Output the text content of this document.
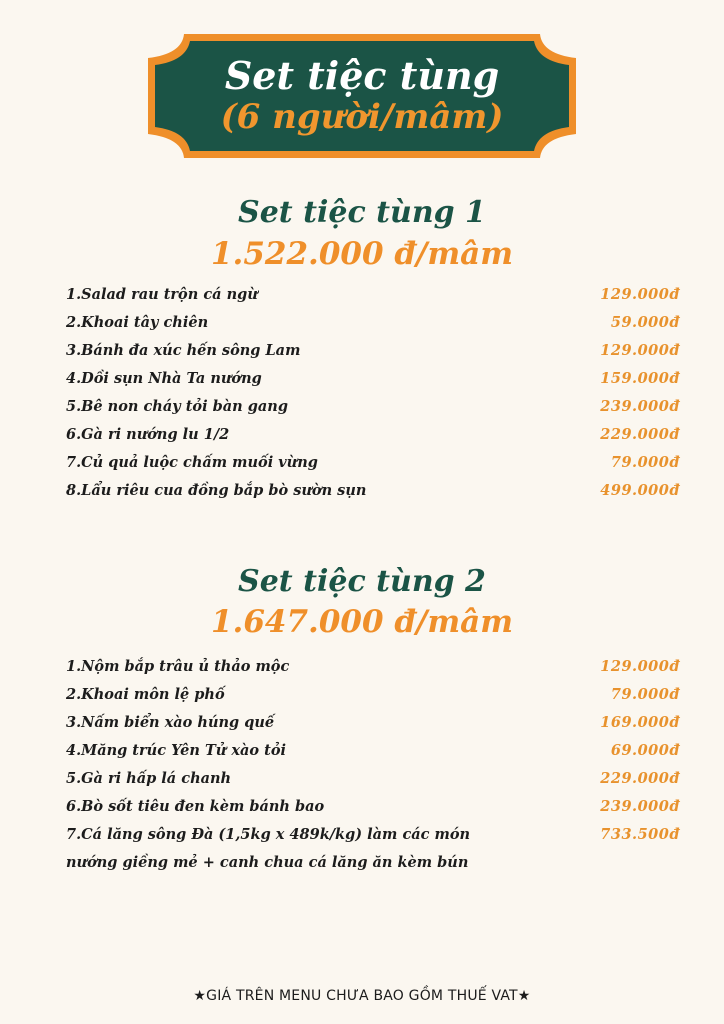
Set tiệc tùng
(6 người/mâm)
Set tiệc tùng 1
1.522.000 đ/mâm
1.Salad rau trộn cá ngừ	129.000đ
2.Khoai tây chiên	59.000đ
3.Bánh đa xúc hến sông Lam	129.000đ
4.Dồi sụn Nhà Ta nướng	159.000đ
5.Bê non cháy tỏi bàn gang	239.000đ
6.Gà ri nướng lu 1/2	229.000đ
7.Củ quả luộc chấm muối vừng	79.000đ
8.Lẩu riêu cua đồng bắp bò sườn sụn	499.000đ
Set tiệc tùng 2
1.647.000 đ/mâm
1.Nộm bắp trâu ủ thảo mộc	129.000đ
2.Khoai môn lệ phố	79.000đ
3.Nấm biển xào húng quế	169.000đ
4.Măng trúc Yên Tử xào tỏi	69.000đ
5.Gà ri hấp lá chanh	229.000đ
6.Bò sốt tiêu đen kèm bánh bao	239.000đ
7.Cá lăng sông Đà (1,5kg x 489k/kg) làm các món	733.500đ
nướng giềng mẻ + canh chua cá lăng ăn kèm bún
★GIÁ TRÊN MENU CHƯA BAO GỒM THUẾ VAT★
